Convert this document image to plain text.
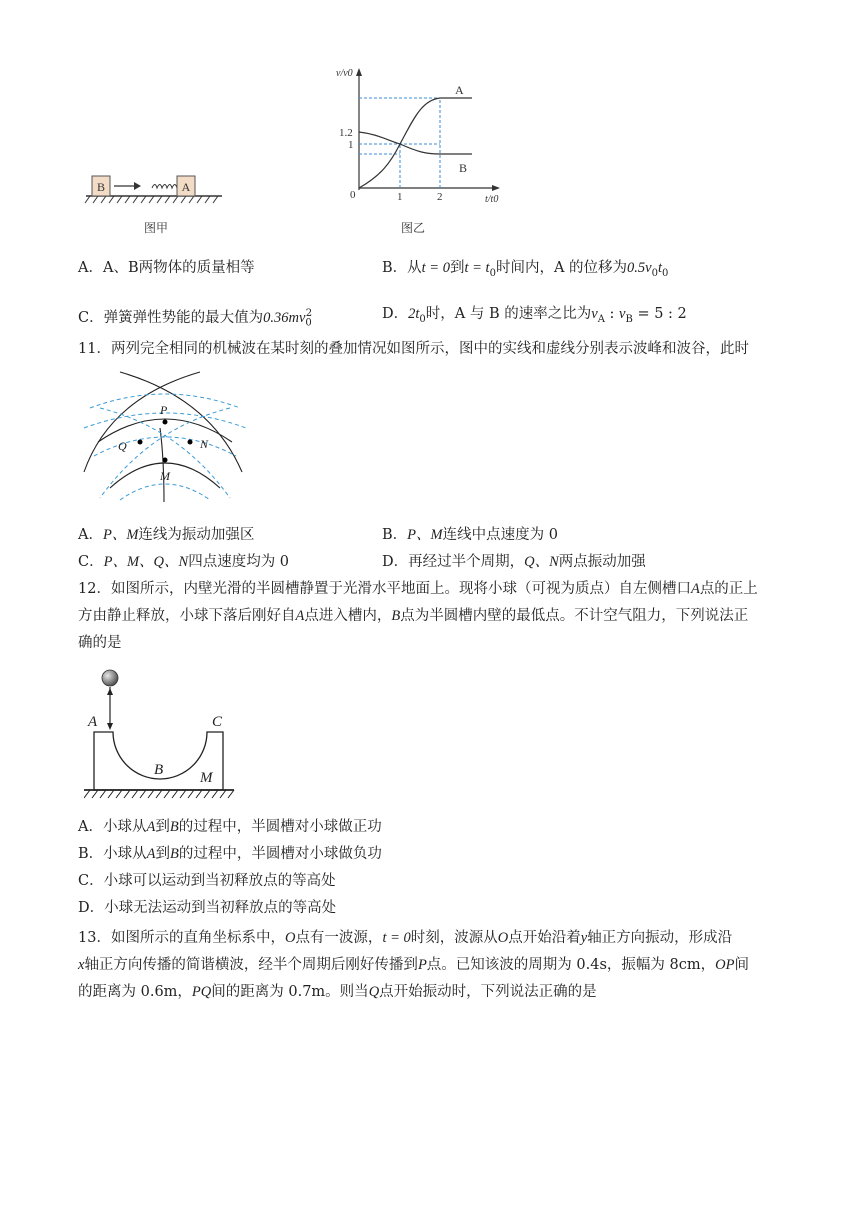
B	A
图甲
v/v0
t/t0
1.2
1
0	1	2
A
B
图乙
A．A、B两物体的质量相等	B．从t = 0到$t = t_0$时间内，A 的位移为$0.5v_0t_0$
C．弹簧弹性势能的最大值为$0.36mv_0^2$	D．$2t_0$时，A 与 B 的速率之比为$v_A$ : $v_B = 5$ : 2
11．两列完全相同的机械波在某时刻的叠加情况如图所示，图中的实线和虚线分别表示波峰和波谷，此时
P
Q	N
M
A．P、M连线为振动加强区	B．P、M连线中点速度为 0
C．P、M、Q、N四点速度均为 0	D．再经过半个周期，Q、N两点振动加强
12．如图所示，内壁光滑的半圆槽静置于光滑水平地面上。现将小球（可视为质点）自左侧槽口A点的正上
方由静止释放，小球下落后刚好自A点进入槽内，B点为半圆槽内壁的最低点。不计空气阻力，下列说法正
确的是
A	C
B M
A．小球从A到B的过程中，半圆槽对小球做正功
B．小球从A到B的过程中，半圆槽对小球做负功
C．小球可以运动到当初释放点的等高处
D．小球无法运动到当初释放点的等高处
13．如图所示的直角坐标系中，O点有一波源，t = 0时刻，波源从O点开始沿着y轴正方向振动，形成沿
x轴正方向传播的简谐横波，经半个周期后刚好传播到P点。已知该波的周期为 0.4s，振幅为 8cm，OP间
的距离为 0.6m，PQ间的距离为 0.7m。则当Q点开始振动时，下列说法正确的是
